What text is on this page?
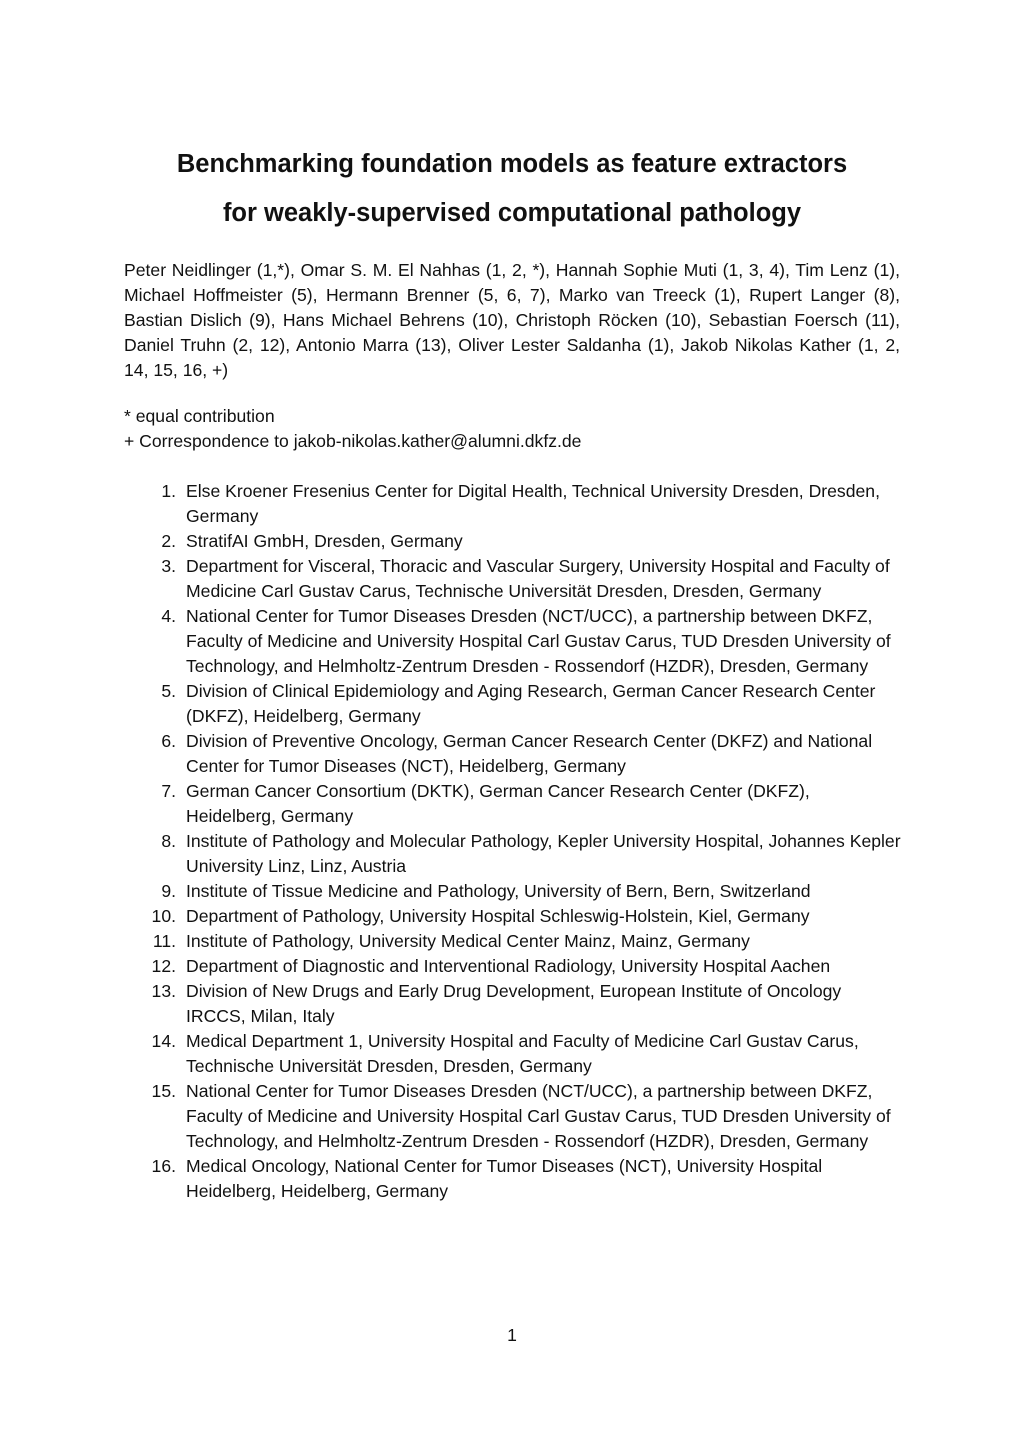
Benchmarking foundation models as feature extractors
for weakly-supervised computational pathology

Peter Neidlinger (1,*), Omar S. M. El Nahhas (1, 2, *), Hannah Sophie Muti (1, 3, 4), Tim Lenz (1), Michael Hoffmeister (5), Hermann Brenner (5, 6, 7), Marko van Treeck (1), Rupert Langer (8), Bastian Dislich (9), Hans Michael Behrens (10), Christoph Röcken (10), Sebastian Foersch (11), Daniel Truhn (2, 12), Antonio Marra (13), Oliver Lester Saldanha (1), Jakob Nikolas Kather (1, 2, 14, 15, 16, +)

* equal contribution
+ Correspondence to jakob-nikolas.kather@alumni.dkfz.de
1. Else Kroener Fresenius Center for Digital Health, Technical University Dresden, Dresden, Germany
2. StratifAI GmbH, Dresden, Germany
3. Department for Visceral, Thoracic and Vascular Surgery, University Hospital and Faculty of Medicine Carl Gustav Carus, Technische Universität Dresden, Dresden, Germany
4. National Center for Tumor Diseases Dresden (NCT/UCC), a partnership between DKFZ, Faculty of Medicine and University Hospital Carl Gustav Carus, TUD Dresden University of Technology, and Helmholtz-Zentrum Dresden - Rossendorf (HZDR), Dresden, Germany
5. Division of Clinical Epidemiology and Aging Research, German Cancer Research Center (DKFZ), Heidelberg, Germany
6. Division of Preventive Oncology, German Cancer Research Center (DKFZ) and National Center for Tumor Diseases (NCT), Heidelberg, Germany
7. German Cancer Consortium (DKTK), German Cancer Research Center (DKFZ), Heidelberg, Germany
8. Institute of Pathology and Molecular Pathology, Kepler University Hospital, Johannes Kepler University Linz, Linz, Austria
9. Institute of Tissue Medicine and Pathology, University of Bern, Bern, Switzerland
10. Department of Pathology, University Hospital Schleswig-Holstein, Kiel, Germany
11. Institute of Pathology, University Medical Center Mainz, Mainz, Germany
12. Department of Diagnostic and Interventional Radiology, University Hospital Aachen
13. Division of New Drugs and Early Drug Development, European Institute of Oncology IRCCS, Milan, Italy
14. Medical Department 1, University Hospital and Faculty of Medicine Carl Gustav Carus, Technische Universität Dresden, Dresden, Germany
15. National Center for Tumor Diseases Dresden (NCT/UCC), a partnership between DKFZ, Faculty of Medicine and University Hospital Carl Gustav Carus, TUD Dresden University of Technology, and Helmholtz-Zentrum Dresden - Rossendorf (HZDR), Dresden, Germany
16. Medical Oncology, National Center for Tumor Diseases (NCT), University Hospital Heidelberg, Heidelberg, Germany
1
